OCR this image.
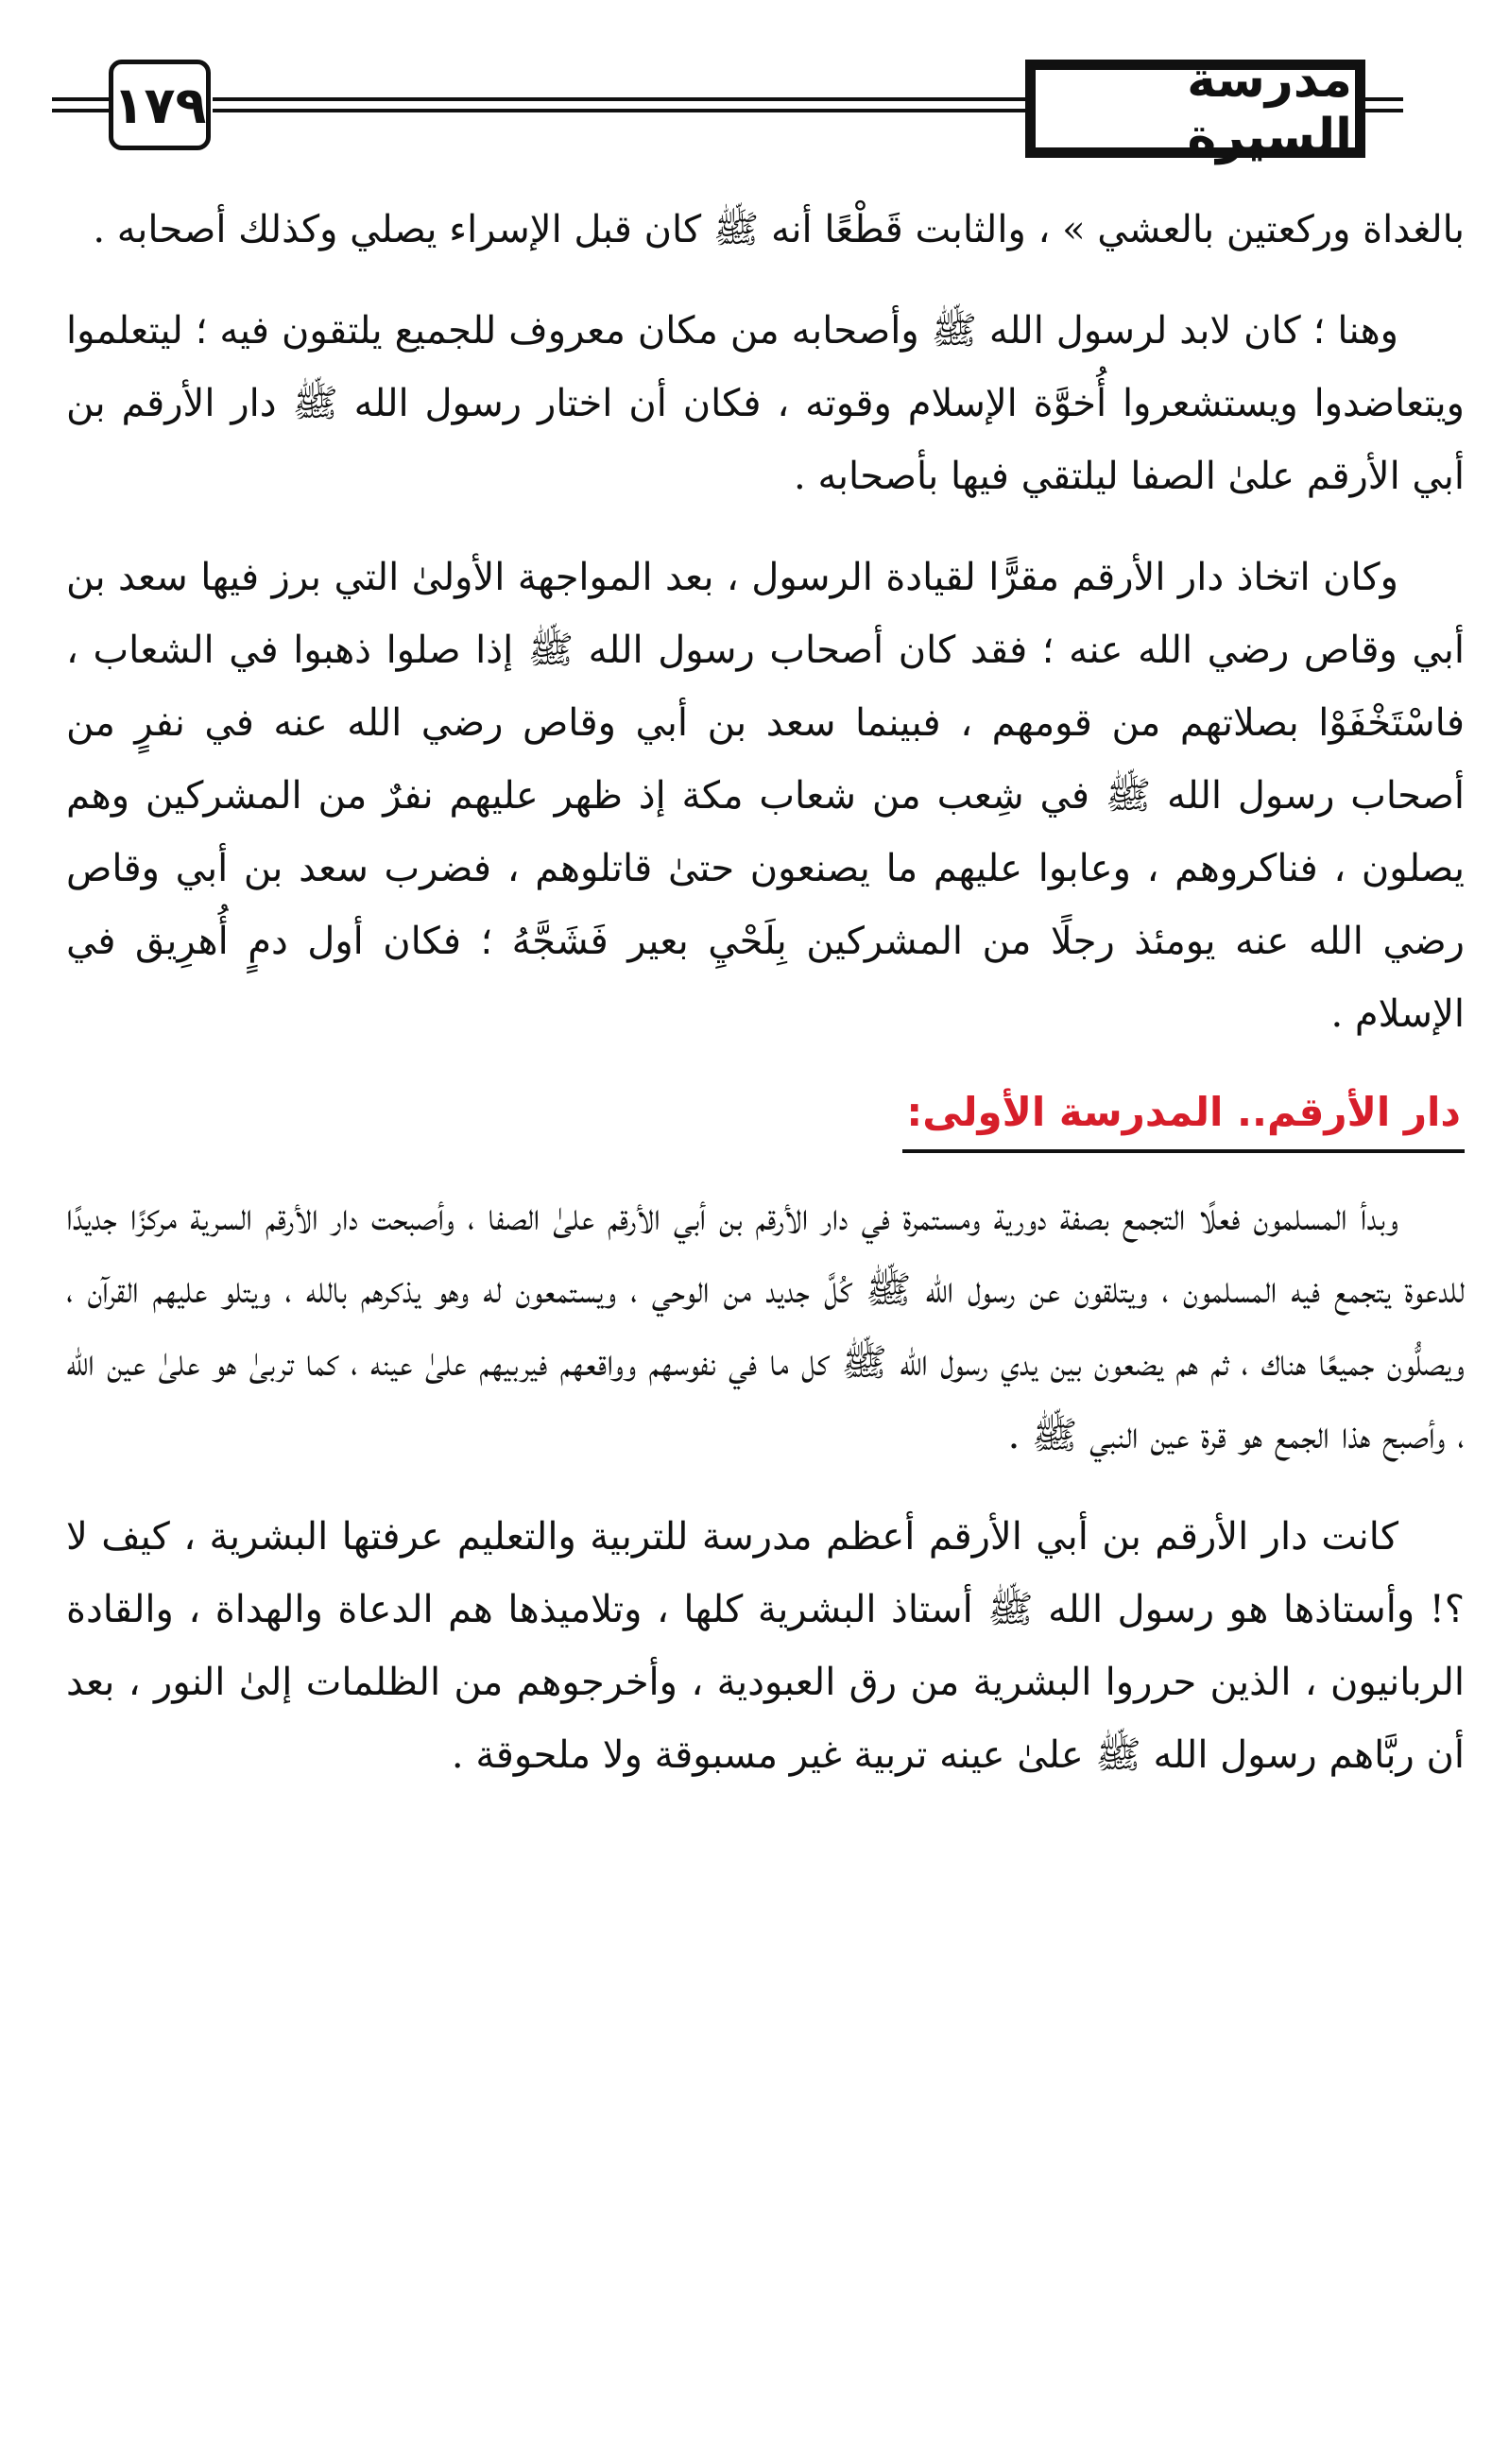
١٧٩	مدرسة السيرة

بالغداة وركعتين بالعشي » ، والثابت قَطْعًا أنه ﷺ كان قبل الإسراء يصلي وكذلك أصحابه .

وهنا ؛ كان لابد لرسول الله ﷺ وأصحابه من مكان معروف للجميع يلتقون فيه ؛ ليتعلموا ويتعاضدوا ويستشعروا أُخوَّة الإسلام وقوته ، فكان أن اختار رسول الله ﷺ دار الأرقم بن أبي الأرقم علىٰ الصفا ليلتقي فيها بأصحابه .

وكان اتخاذ دار الأرقم مقرًّا لقيادة الرسول ، بعد المواجهة الأولىٰ التي برز فيها سعد بن أبي وقاص رضي الله عنه ؛ فقد كان أصحاب رسول الله ﷺ إذا صلوا ذهبوا في الشعاب ، فاسْتَخْفَوْا بصلاتهم من قومهم ، فبينما سعد بن أبي وقاص رضي الله عنه في نفرٍ من أصحاب رسول الله ﷺ في شِعب من شعاب مكة إذ ظهر عليهم نفرٌ من المشركين وهم يصلون ، فناكروهم ، وعابوا عليهم ما يصنعون حتىٰ قاتلوهم ، فضرب سعد بن أبي وقاص رضي الله عنه يومئذ رجلًا من المشركين بِلَحْيِ بعير فَشَجَّهُ ؛ فكان أول دمٍ أُهرِيق في الإسلام .

دار الأرقم.. المدرسة الأولى:

وبدأ المسلمون فعلًا التجمع بصفة دورية ومستمرة في دار الأرقم بن أبي الأرقم علىٰ الصفا ، وأصبحت دار الأرقم السرية مركزًا جديدًا للدعوة يتجمع فيه المسلمون ، ويتلقون عن رسول الله ﷺ كُلَّ جديد من الوحي ، ويستمعون له وهو يذكرهم بالله ، ويتلو عليهم القرآن ، ويصلُّون جميعًا هناك ، ثم هم يضعون بين يدي رسول الله ﷺ كل ما في نفوسهم وواقعهم فيربيهم علىٰ عينه ، كما تربىٰ هو علىٰ عين الله ، وأصبح هذا الجمع هو قرة عين النبي ﷺ .

كانت دار الأرقم بن أبي الأرقم أعظم مدرسة للتربية والتعليم عرفتها البشرية ، كيف لا ؟! وأستاذها هو رسول الله ﷺ أستاذ البشرية كلها ، وتلاميذها هم الدعاة والهداة ، والقادة الربانيون ، الذين حرروا البشرية من رق العبودية ، وأخرجوهم من الظلمات إلىٰ النور ، بعد أن ربَّاهم رسول الله ﷺ علىٰ عينه تربية غير مسبوقة ولا ملحوقة .
